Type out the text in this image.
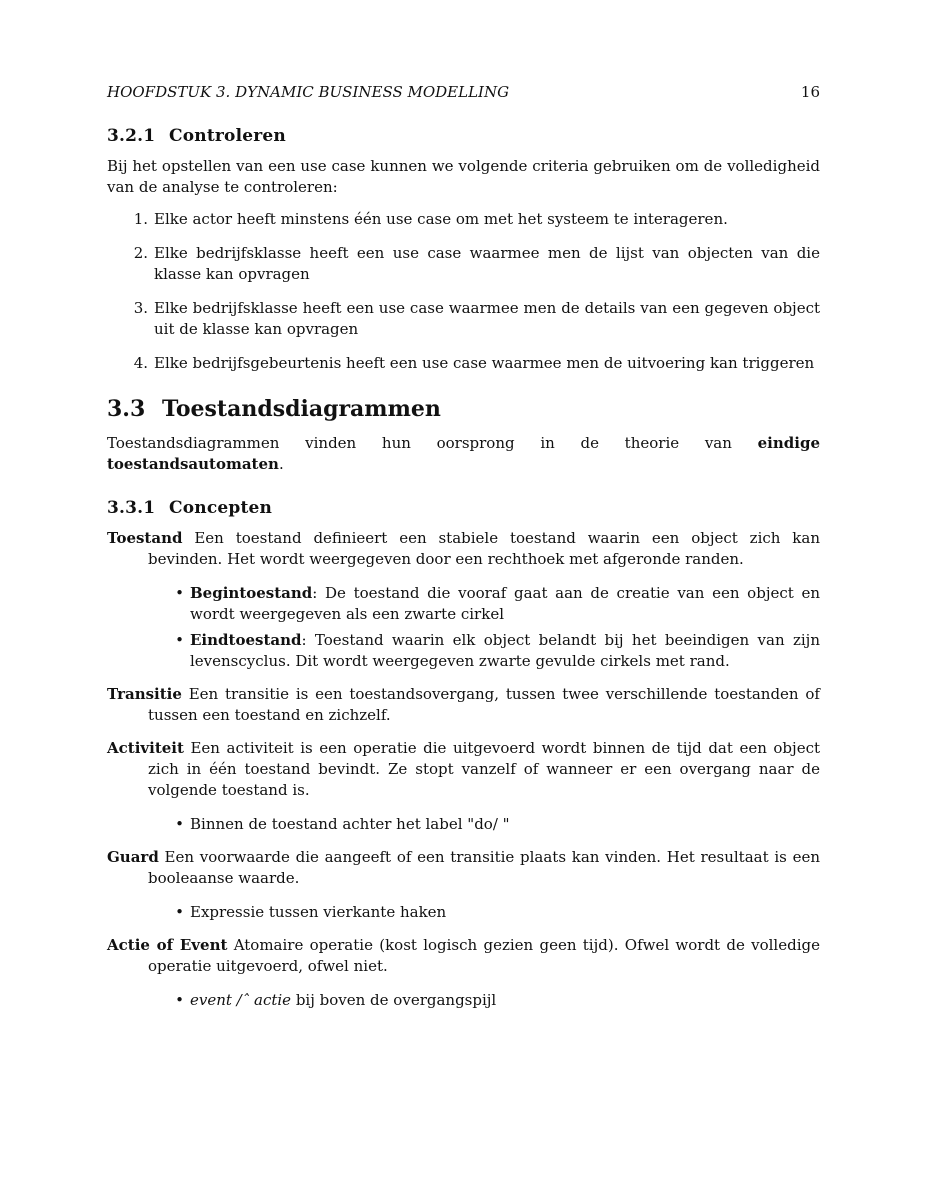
HOOFDSTUK 3. DYNAMIC BUSINESS MODELLING	16
3.2.1 Controleren

Bij het opstellen van een use case kunnen we volgende criteria gebruiken om de volledigheid van de analyse te controleren:

1. Elke actor heeft minstens één use case om met het systeem te interageren.
2. Elke bedrijfsklasse heeft een use case waarmee men de lijst van objecten van die klasse kan opvragen
3. Elke bedrijfsklasse heeft een use case waarmee men de details van een gegeven object uit de klasse kan opvragen
4. Elke bedrijfsgebeurtenis heeft een use case waarmee men de uitvoering kan triggeren
3.3 Toestandsdiagrammen

Toestandsdiagrammen vinden hun oorsprong in de theorie van eindige toestandsautomaten.

3.3.1 Concepten

Toestand Een toestand definieert een stabiele toestand waarin een object zich kan bevinden. Het wordt weergegeven door een rechthoek met afgeronde randen.

• Begintoestand: De toestand die vooraf gaat aan de creatie van een object en wordt weergegeven als een zwarte cirkel
• Eindtoestand: Toestand waarin elk object belandt bij het beeindigen van zijn levenscyclus. Dit wordt weergegeven zwarte gevulde cirkels met rand.

Transitie Een transitie is een toestandsovergang, tussen twee verschillende toestanden of tussen een toestand en zichzelf.

Activiteit Een activiteit is een operatie die uitgevoerd wordt binnen de tijd dat een object zich in één toestand bevindt. Ze stopt vanzelf of wanneer er een overgang naar de volgende toestand is.

• Binnen de toestand achter het label "do/ "

Guard Een voorwaarde die aangeeft of een transitie plaats kan vinden. Het resultaat is een booleaanse waarde.

• Expressie tussen vierkante haken

Actie of Event Atomaire operatie (kost logisch gezien geen tijd). Ofwel wordt de volledige operatie uitgevoerd, ofwel niet.

• event /ˆ actie bij boven de overgangspijl
